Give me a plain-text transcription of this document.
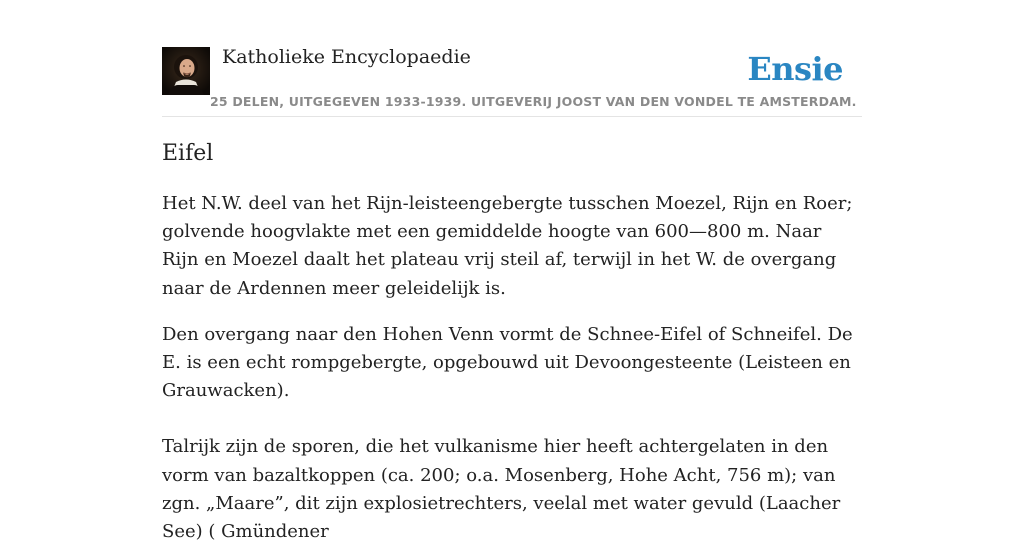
Katholieke Encyclopaedie
25 DELEN, UITGEGEVEN 1933-1939. UITGEVERIJ JOOST VAN DEN VONDEL TE AMSTERDAM.
Ensie
Eifel

Het N.W. deel van het Rijn-leisteengebergte tusschen Moezel, Rijn en Roer; golvende hoogvlakte met een gemiddelde hoogte van 600—800 m. Naar Rijn en Moezel daalt het plateau vrij steil af, terwijl in het W. de overgang naar de Ardennen meer geleidelijk is.

Den overgang naar den Hohen Venn vormt de Schnee-Eifel of Schneifel. De E. is een echt rompgebergte, opgebouwd uit Devoongesteente (Leisteen en Grauwacken).

Talrijk zijn de sporen, die het vulkanisme hier heeft achtergelaten in den vorm van bazaltkoppen (ca. 200; o.a. Mosenberg, Hohe Acht, 756 m); van zgn. „Maare”, dit zijn explosietrechters, veelal met water gevuld (Laacher See) ( Gmündener
